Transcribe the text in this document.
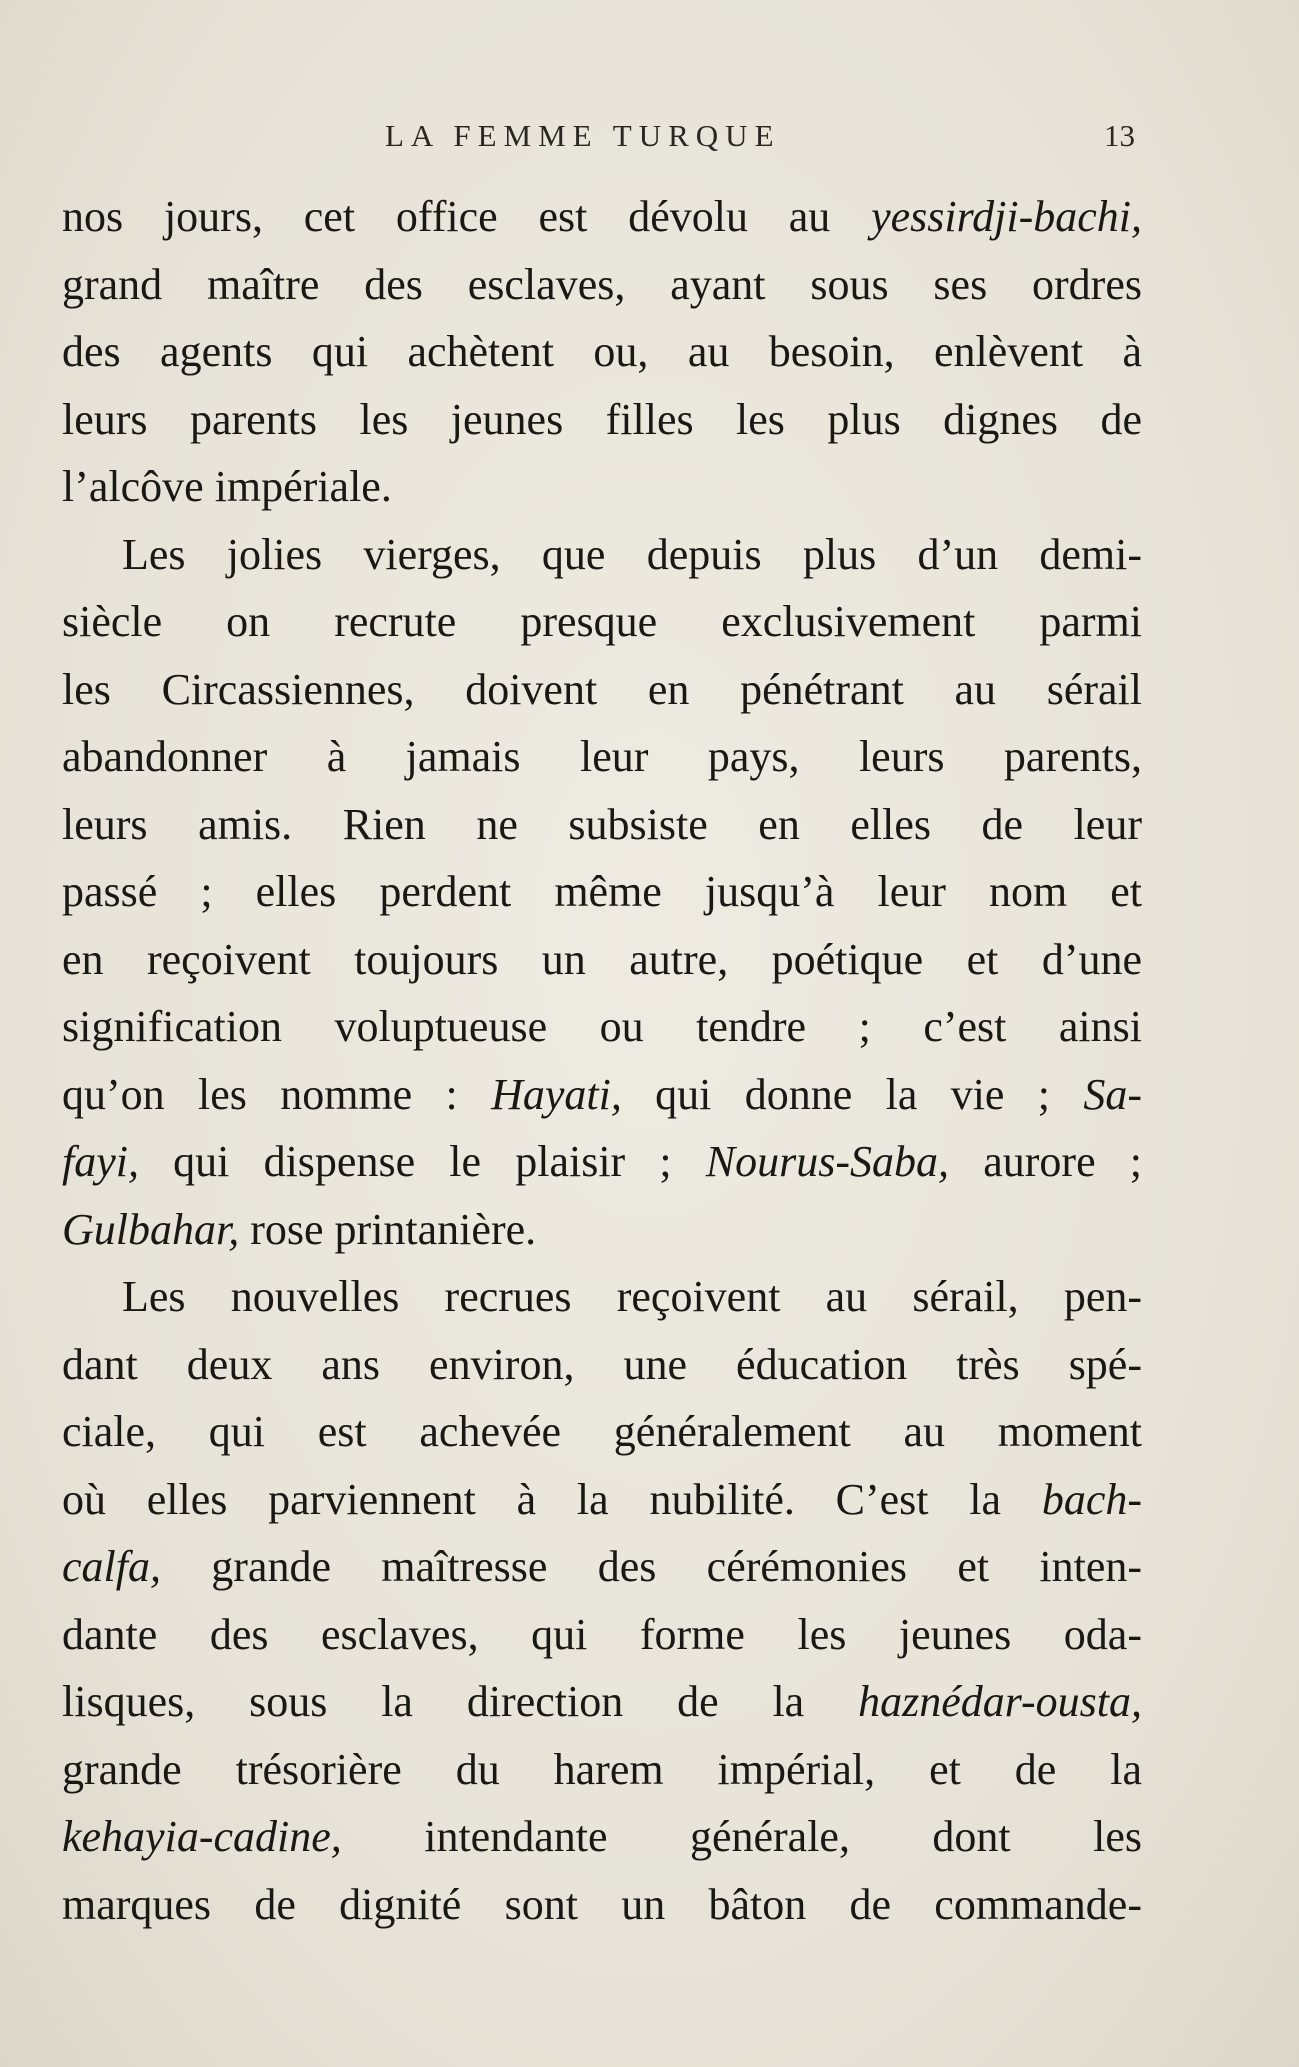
LA FEMME TURQUE	13
nos jours, cet office est dévolu au yessirdji-bachi,
grand maître des esclaves, ayant sous ses ordres
des agents qui achètent ou, au besoin, enlèvent à
leurs parents les jeunes filles les plus dignes de
l’alcôve impériale.
Les jolies vierges, que depuis plus d’un demi-
siècle on recrute presque exclusivement parmi
les Circassiennes, doivent en pénétrant au sérail
abandonner à jamais leur pays, leurs parents,
leurs amis. Rien ne subsiste en elles de leur
passé ; elles perdent même jusqu’à leur nom et
en reçoivent toujours un autre, poétique et d’une
signification voluptueuse ou tendre ; c’est ainsi
qu’on les nomme : Hayati, qui donne la vie ; Sa-
fayi, qui dispense le plaisir ; Nourus-Saba, aurore ;
Gulbahar, rose printanière.
Les nouvelles recrues reçoivent au sérail, pen-
dant deux ans environ, une éducation très spé-
ciale, qui est achevée généralement au moment
où elles parviennent à la nubilité. C’est la bach-
calfa, grande maîtresse des cérémonies et inten-
dante des esclaves, qui forme les jeunes oda-
lisques, sous la direction de la haznédar-ousta,
grande trésorière du harem impérial, et de la
kehayia-cadine, intendante générale, dont les
marques de dignité sont un bâton de commande-
